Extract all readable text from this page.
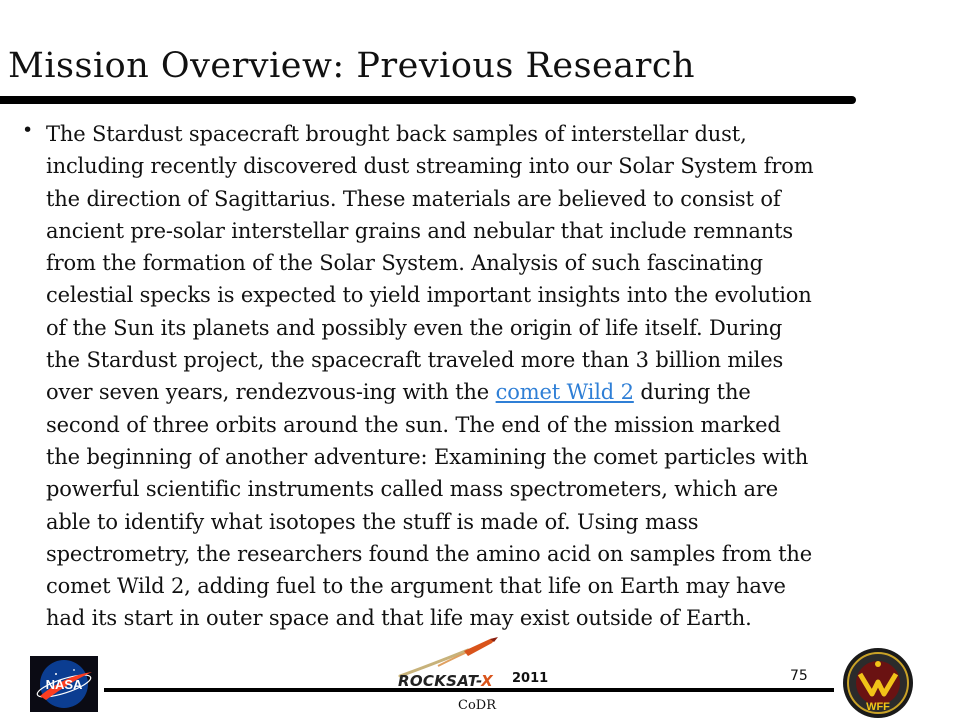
Mission Overview: Previous Research
• The Stardust spacecraft brought back samples of interstellar dust,
including recently discovered dust streaming into our Solar System from
the direction of Sagittarius. These materials are believed to consist of
ancient pre-solar interstellar grains and nebular that include remnants
from the formation of the Solar System. Analysis of such fascinating
celestial specks is expected to yield important insights into the evolution
of the Sun its planets and possibly even the origin of life itself. During
the Stardust project, the spacecraft traveled more than 3 billion miles
over seven years, rendezvous-ing with the comet Wild 2 during the
second of three orbits around the sun. The end of the mission marked
the beginning of another adventure: Examining the comet particles with
powerful scientific instruments called mass spectrometers, which are
able to identify what isotopes the stuff is made of. Using mass
spectrometry, the researchers found the amino acid on samples from the
comet Wild 2, adding fuel to the argument that life on Earth may have
had its start in outer space and that life may exist outside of Earth.
NASA	ROCKSAT-X 2011	75
CoDR	WFF
